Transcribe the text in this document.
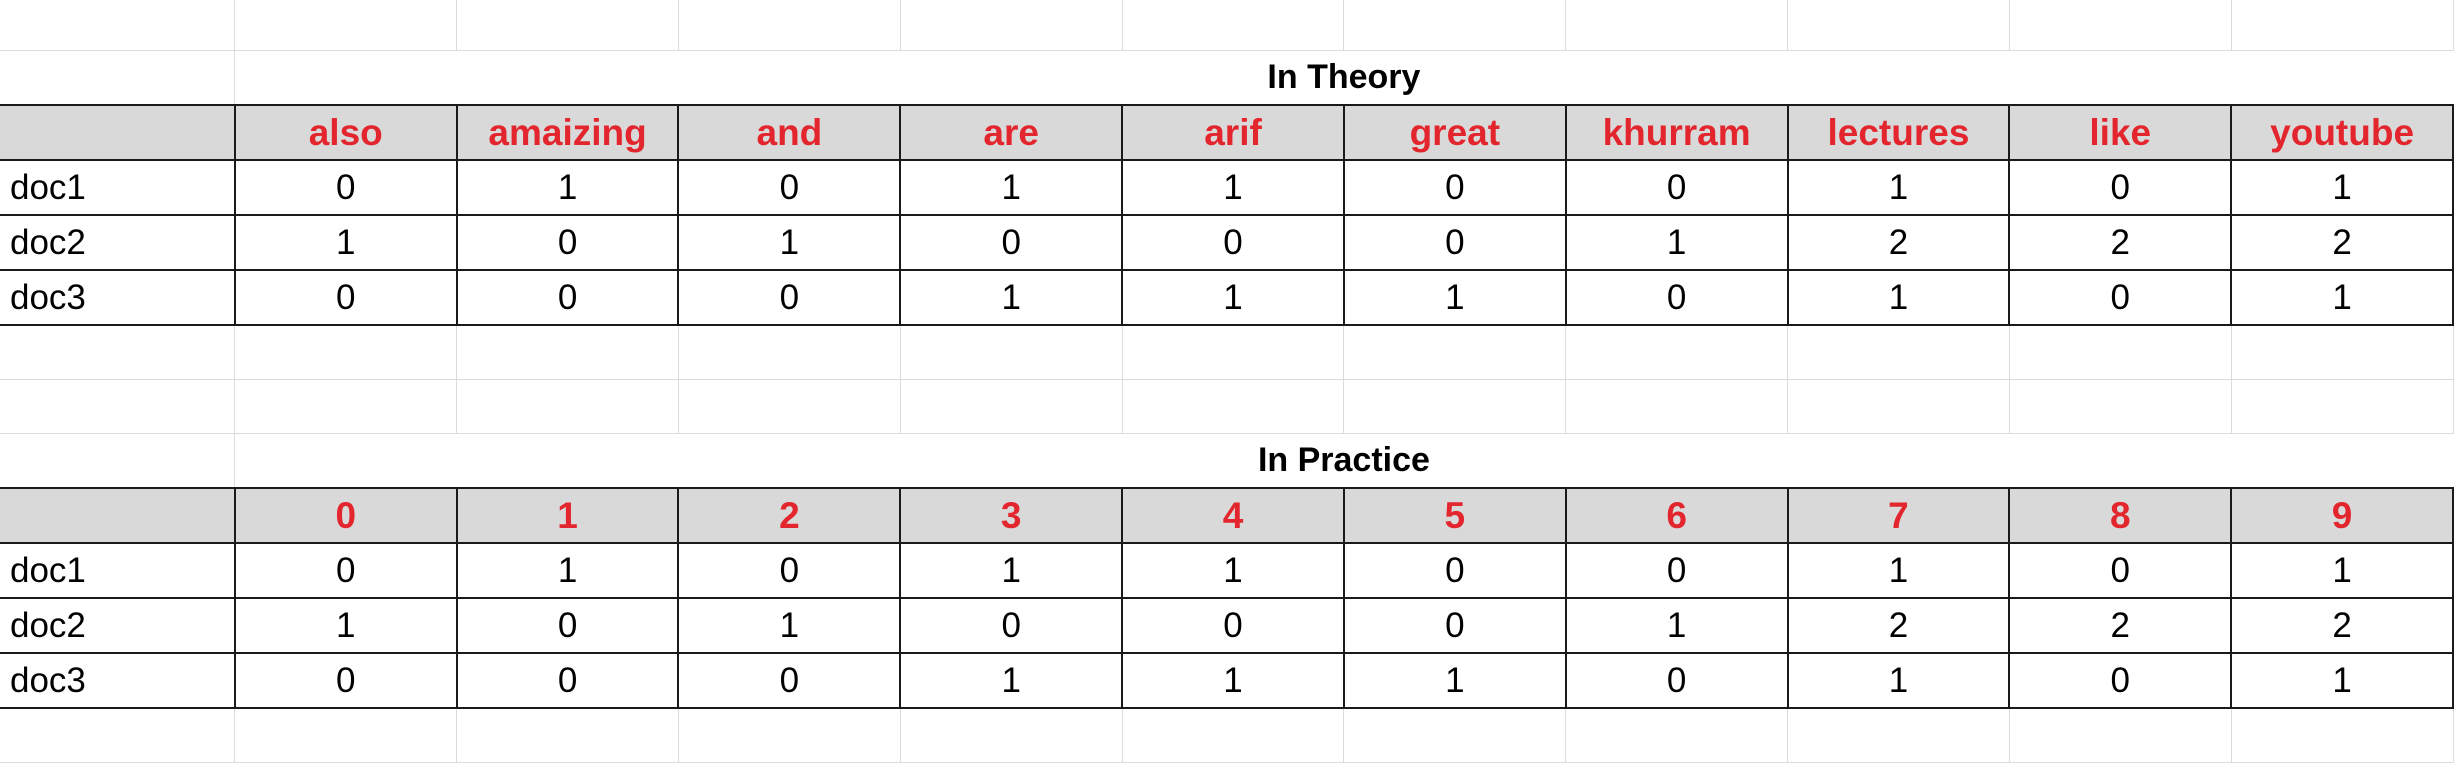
	In Theory									
	also	amaizing	and	are	arif	great	khurram	lectures	like	youtube
doc1	0	1	0	1	1	0	0	1	0	1
doc2	1	0	1	0	0	0	1	2	2	2
doc3	0	0	0	1	1	1	0	1	0	1

	In Practice									
	0	1	2	3	4	5	6	7	8	9
doc1	0	1	0	1	1	0	0	1	0	1
doc2	1	0	1	0	0	0	1	2	2	2
doc3	0	0	0	1	1	1	0	1	0	1
